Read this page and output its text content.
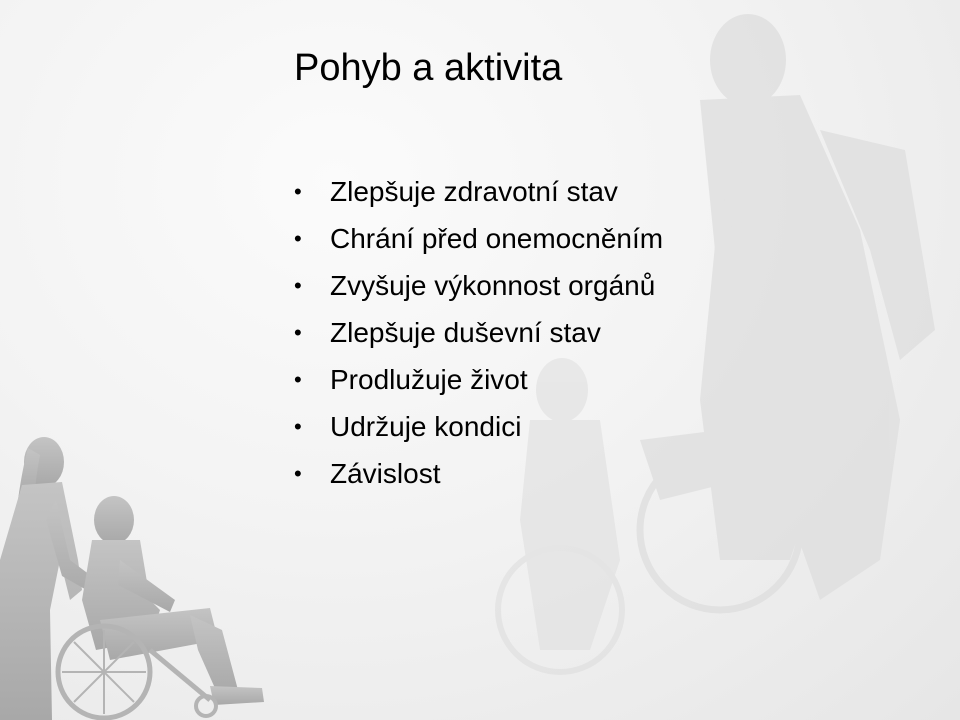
Pohyb a aktivita
• Zlepšuje zdravotní stav
• Chrání před onemocněním
• Zvyšuje výkonnost orgánů
• Zlepšuje duševní stav
• Prodlužuje život
• Udržuje kondici
• Závislost
